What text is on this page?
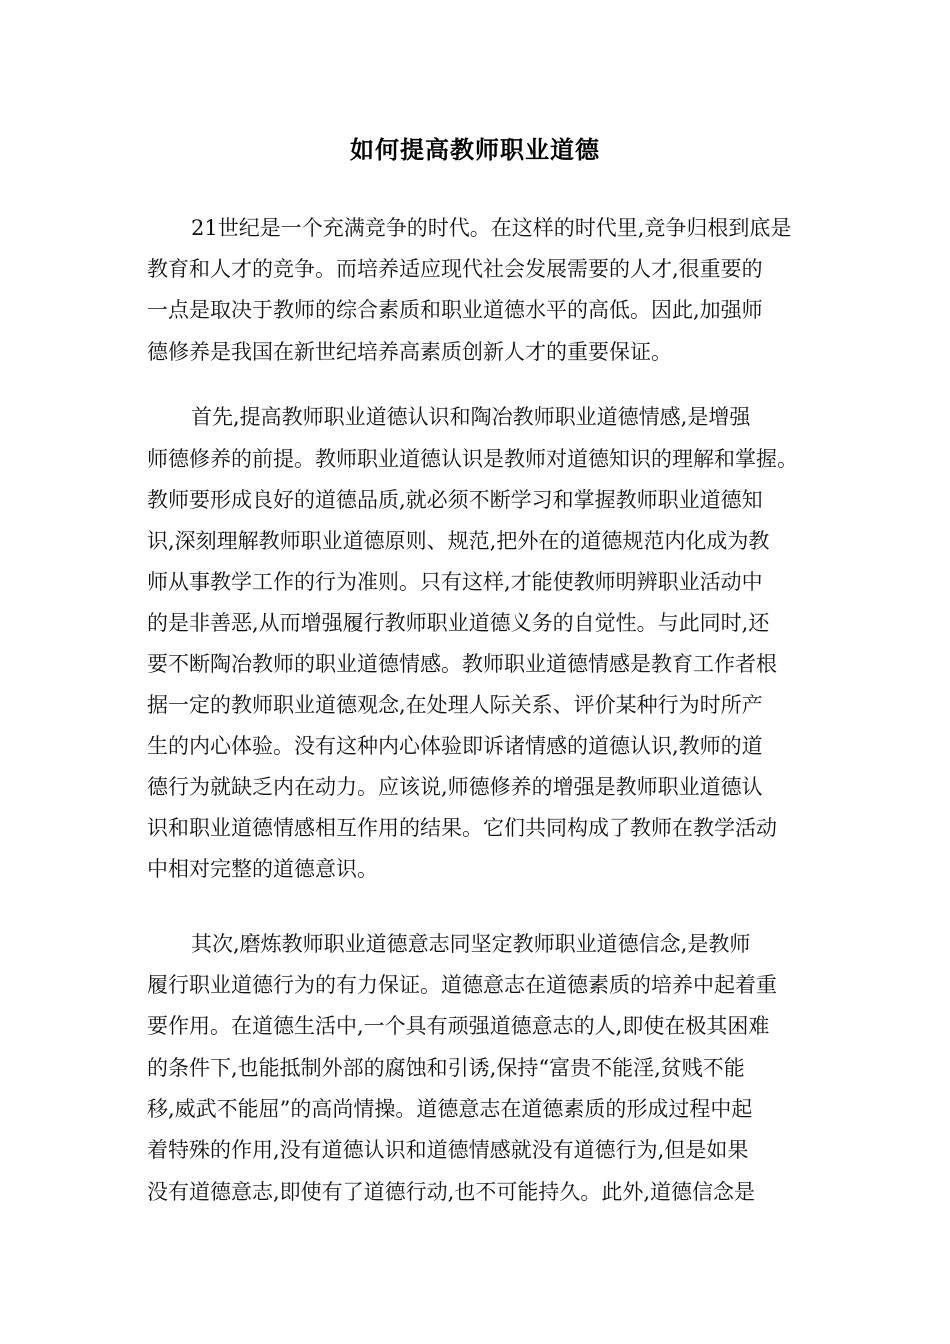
如何提高教师职业道德
21世纪是一个充满竞争的时代。在这样的时代里,竞争归根到底是
教育和人才的竞争。而培养适应现代社会发展需要的人才,很重要的
一点是取决于教师的综合素质和职业道德水平的高低。因此,加强师
德修养是我国在新世纪培养高素质创新人才的重要保证。
首先,提高教师职业道德认识和陶冶教师职业道德情感,是增强
师德修养的前提。教师职业道德认识是教师对道德知识的理解和掌握。
教师要形成良好的道德品质,就必须不断学习和掌握教师职业道德知
识,深刻理解教师职业道德原则、规范,把外在的道德规范内化成为教
师从事教学工作的行为准则。只有这样,才能使教师明辨职业活动中
的是非善恶,从而增强履行教师职业道德义务的自觉性。与此同时,还
要不断陶冶教师的职业道德情感。教师职业道德情感是教育工作者根
据一定的教师职业道德观念,在处理人际关系、评价某种行为时所产
生的内心体验。没有这种内心体验即诉诸情感的道德认识,教师的道
德行为就缺乏内在动力。应该说,师德修养的增强是教师职业道德认
识和职业道德情感相互作用的结果。它们共同构成了教师在教学活动
中相对完整的道德意识。
其次,磨炼教师职业道德意志同坚定教师职业道德信念,是教师
履行职业道德行为的有力保证。道德意志在道德素质的培养中起着重
要作用。在道德生活中,一个具有顽强道德意志的人,即使在极其困难
的条件下,也能抵制外部的腐蚀和引诱,保持“富贵不能淫,贫贱不能
移,威武不能屈”的高尚情操。道德意志在道德素质的形成过程中起
着特殊的作用,没有道德认识和道德情感就没有道德行为,但是如果
没有道德意志,即使有了道德行动,也不可能持久。此外,道德信念是
